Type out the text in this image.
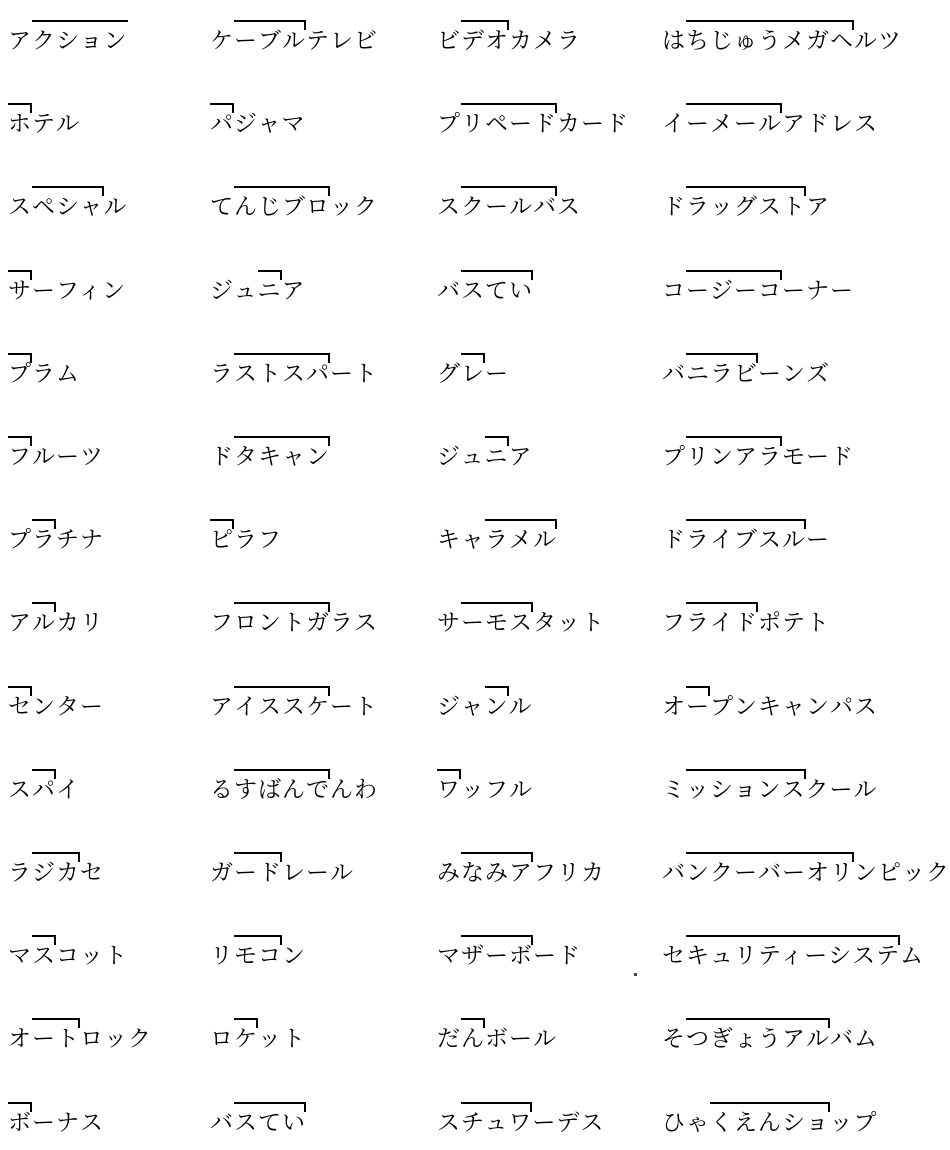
アクション
ホテル
スペシャル
サーフィン
プラム
フルーツ
プラチナ
アルカリ
センター
スパイ
ラジカセ
マスコット
オートロック
ボーナス
ケーブルテレビ
パジャマ
てんじブロック
ジュニア
ラストスパート
ドタキャン
ピラフ
フロントガラス
アイススケート
るすばんでんわ
ガードレール
リモコン
ロケット
バスてい
ビデオカメラ
プリペードカード
スクールバス
バスてい
グレー
ジュニア
キャラメル
サーモスタット
ジャンル
ワッフル
みなみアフリカ
マザーボード
だんボール
スチュワーデス
はちじゅうメガヘルツ
イーメールアドレス
ドラッグストア
コージーコーナー
バニラビーンズ
プリンアラモード
ドライブスルー
フライドポテト
オープンキャンパス
ミッションスクール
バンクーバーオリンピック
セキュリティーシステム
そつぎょうアルバム
ひゃくえんショップ
